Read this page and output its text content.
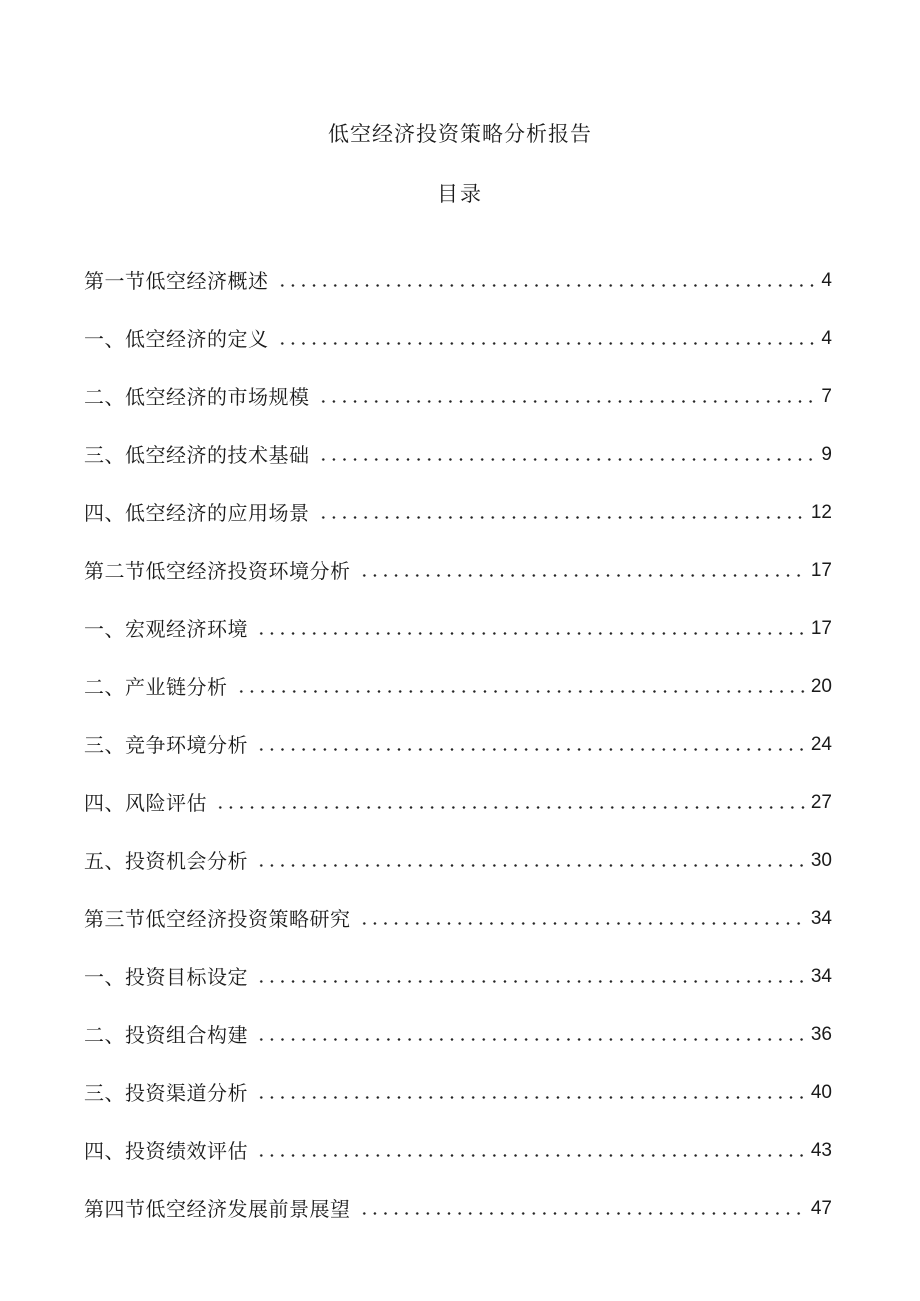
低空经济投资策略分析报告
目录
第一节低空经济概述	4
一、低空经济的定义	4
二、低空经济的市场规模	7
三、低空经济的技术基础	9
四、低空经济的应用场景	12
第二节低空经济投资环境分析	17
一、宏观经济环境	17
二、产业链分析	20
三、竞争环境分析	24
四、风险评估	27
五、投资机会分析	30
第三节低空经济投资策略研究	34
一、投资目标设定	34
二、投资组合构建	36
三、投资渠道分析	40
四、投资绩效评估	43
第四节低空经济发展前景展望	47
